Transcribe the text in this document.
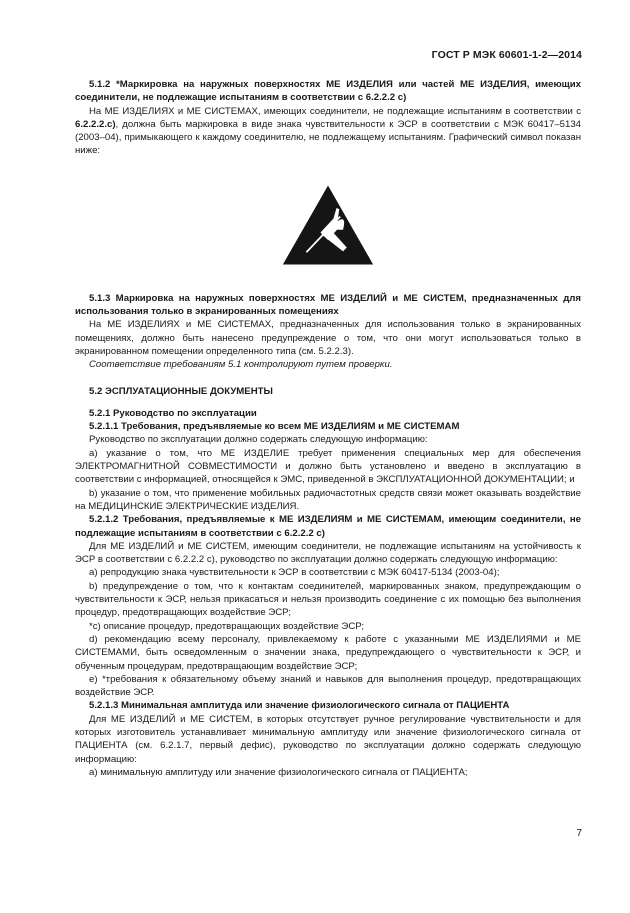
ГОСТ Р МЭК 60601-1-2—2014

5.1.2 *Маркировка на наружных поверхностях МЕ ИЗДЕЛИЯ или частей МЕ ИЗДЕЛИЯ, имеющих соединители, не подлежащие испытаниям в соответствии с 6.2.2.2 с)

На МЕ ИЗДЕЛИЯХ и МЕ СИСТЕМАХ, имеющих соединители, не подлежащие испытаниям в соответствии с 6.2.2.2.с), должна быть маркировка в виде знака чувствительности к ЭСР в соответствии с МЭК 60417–5134 (2003–04), примыкающего к каждому соединителю, не подлежащему испытаниям. Графический символ показан ниже:

5.1.3 Маркировка на наружных поверхностях МЕ ИЗДЕЛИЙ и МЕ СИСТЕМ, предназначенных для использования только в экранированных помещениях

На МЕ ИЗДЕЛИЯХ и МЕ СИСТЕМАХ, предназначенных для использования только в экранированных помещениях, должно быть нанесено предупреждение о том, что они могут использоваться только в экранированном помещении определенного типа (см. 5.2.2.3).

Соответствие требованиям 5.1 контролируют путем проверки.

5.2 ЭСПЛУАТАЦИОННЫЕ ДОКУМЕНТЫ

5.2.1 Руководство по эксплуатации

5.2.1.1 Требования, предъявляемые ко всем МЕ ИЗДЕЛИЯМ и МЕ СИСТЕМАМ

Руководство по эксплуатации должно содержать следующую информацию:

а) указание о том, что МЕ ИЗДЕЛИЕ требует применения специальных мер для обеспечения ЭЛЕКТРОМАГНИТНОЙ СОВМЕСТИМОСТИ и должно быть установлено и введено в эксплуатацию в соответствии с информацией, относящейся к ЭМС, приведенной в ЭКСПЛУАТАЦИОННОЙ ДОКУМЕНТАЦИИ; и

b) указание о том, что применение мобильных радиочастотных средств связи может оказывать воздействие на МЕДИЦИНСКИЕ ЭЛЕКТРИЧЕСКИЕ ИЗДЕЛИЯ.

5.2.1.2 Требования, предъявляемые к МЕ ИЗДЕЛИЯМ и МЕ СИСТЕМАМ, имеющим соединители, не подлежащие испытаниям в соответствии с 6.2.2.2 с)

Для МЕ ИЗДЕЛИЙ и МЕ СИСТЕМ, имеющим соединители, не подлежащие испытаниям на устойчивость к ЭСР в соответствии с 6.2.2.2 с), руководство по эксплуатации должно содержать следующую информацию:

а) репродукцию знака чувствительности к ЭСР в соответствии с МЭК 60417-5134 (2003-04);

b) предупреждение о том, что к контактам соединителей, маркированных знаком, предупреждающим о чувствительности к ЭСР, нельзя прикасаться и нельзя производить соединение с их помощью без выполнения процедур, предотвращающих воздействие ЭСР;

*c) описание процедур, предотвращающих воздействие ЭСР;

d) рекомендацию всему персоналу, привлекаемому к работе с указанными МЕ ИЗДЕЛИЯМИ и МЕ СИСТЕМАМИ, быть осведомленным о значении знака, предупреждающего о чувствительности к ЭСР, и обученным процедурам, предотвращающим воздействие ЭСР;

е) *требования к обязательному объему знаний и навыков для выполнения процедур, предотвращающих воздействие ЭСР.

5.2.1.3 Минимальная амплитуда или значение физиологического сигнала от ПАЦИЕНТА

Для МЕ ИЗДЕЛИЙ и МЕ СИСТЕМ, в которых отсутствует ручное регулирование чувствительности и для которых изготовитель устанавливает минимальную амплитуду или значение физиологического сигнала от ПАЦИЕНТА (см. 6.2.1.7, первый дефис), руководство по эксплуатации должно содержать следующую информацию:

а) минимальную амплитуду или значение физиологического сигнала от ПАЦИЕНТА;

7
